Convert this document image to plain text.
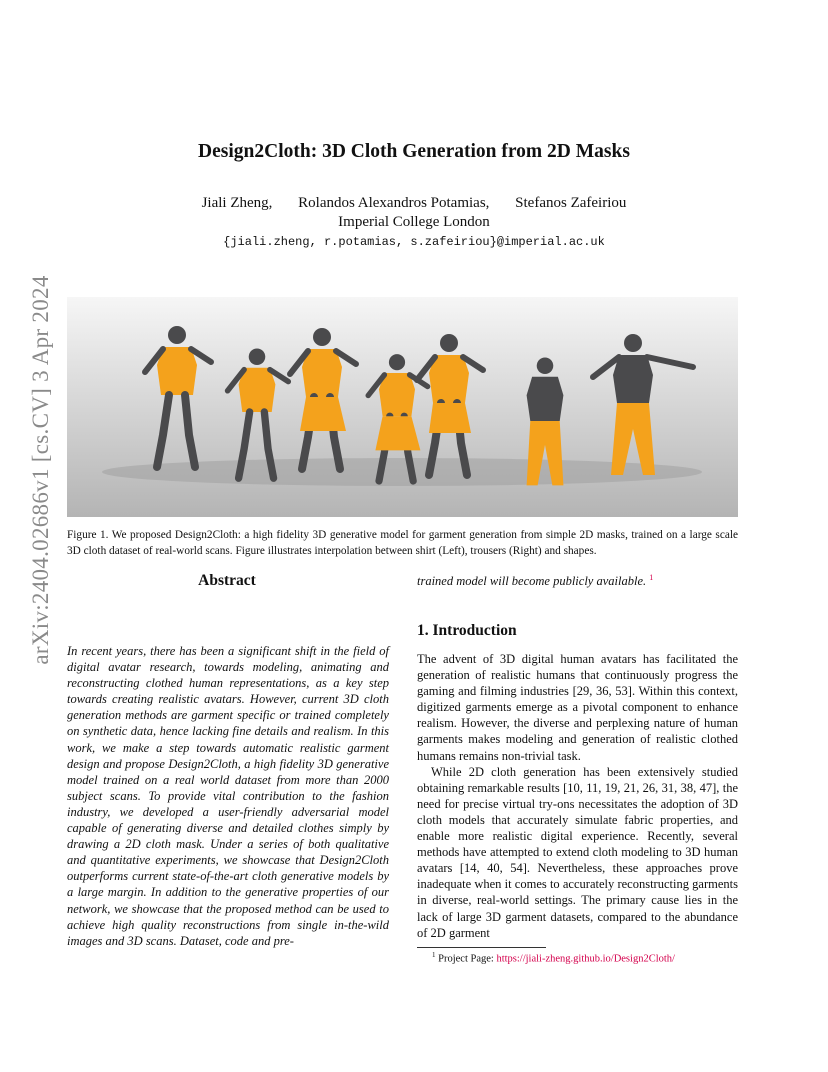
Design2Cloth: 3D Cloth Generation from 2D Masks
Jiali Zheng, Rolandos Alexandros Potamias, Stefanos Zafeiriou
Imperial College London
{jiali.zheng, r.potamias, s.zafeiriou}@imperial.ac.uk
arXiv:2404.02686v1 [cs.CV] 3 Apr 2024 Figure 1. We proposed Design2Cloth: a high fidelity 3D generative model for garment generation from simple 2D masks, trained on a large scale 3D cloth dataset of real-world scans. Figure illustrates interpolation between shirt (Left), trousers (Right) and shapes.
Abstract
In recent years, there has been a significant shift in the field of digital avatar research, towards modeling, animating and reconstructing clothed human representations, as a key step towards creating realistic avatars. However, current 3D cloth generation methods are garment specific or trained completely on synthetic data, hence lacking fine details and realism. In this work, we make a step towards automatic realistic garment design and propose Design2Cloth, a high fidelity 3D generative model trained on a real world dataset from more than 2000 subject scans. To provide vital contribution to the fashion industry, we developed a user-friendly adversarial model capable of generating diverse and detailed clothes simply by drawing a 2D cloth mask. Under a series of both qualitative and quantitative experiments, we showcase that Design2Cloth outperforms current state-of-the-art cloth generative models by a large margin. In addition to the generative properties of our network, we showcase that the proposed method can be used to achieve high quality reconstructions from single in-the-wild images and 3D scans. Dataset, code and pre-
trained model will become publicly available. $^1$
1. Introduction

The advent of 3D digital human avatars has facilitated the generation of realistic humans that continuously progress the gaming and filming industries [29, 36, 53]. Within this context, digitized garments emerge as a pivotal component to enhance realism. However, the diverse and perplexing nature of human garments makes modeling and generation of realistic clothed humans remains non-trivial task.

While 2D cloth generation has been extensively studied obtaining remarkable results [10, 11, 19, 21, 26, 31, 38, 47], the need for precise virtual try-ons necessitates the adoption of 3D cloth models that accurately simulate fabric properties, and enable more realistic digital experience. Recently, several methods have attempted to extend cloth modeling to 3D human avatars [14, 40, 54]. Nevertheless, these approaches prove inadequate when it comes to accurately reconstructing garments in diverse, real-world settings. The primary cause lies in the lack of large 3D garment datasets, compared to the abundance of 2D garment

$^1$ Project Page: https://jiali-zheng.github.io/Design2Cloth/
